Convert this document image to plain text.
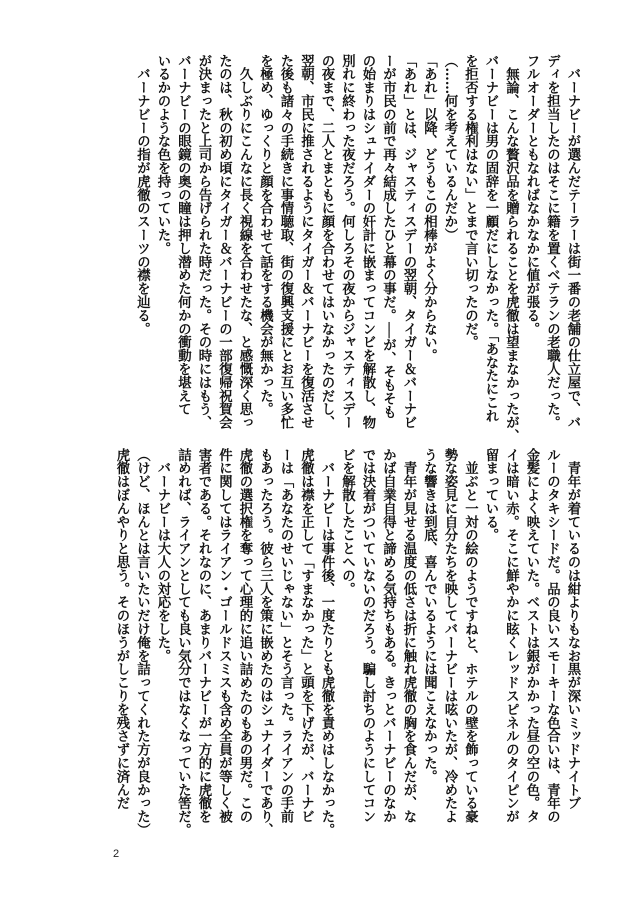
　バーナビーが選んだテーラーは街一番の老舗の仕立屋で、バ

ディを担当したのはそこに籍を置くベテランの老職人だった。

フルオーダーともなればなかなかに値が張る。

　無論、こんな贅沢品を贈られることを虎徹は望まなかったが、

バーナビーは男の固辞を一顧だにしなかった。「あなたにこれ

を拒否する権利はない」とまで言い切ったのだ。

（……何を考えているんだか）

「あれ」以降、どうもこの相棒がよく分からない。

「あれ」とは、ジャスティスデーの翌朝、タイガー＆バーナビ

ーが市民の前で再々結成したひと幕の事だ。──が、そもそも

の始まりはシュナイダーの奸計に嵌まってコンビを解散し、物

別れに終わった夜だろう。何しろその夜からジャスティスデー

の夜まで、二人とまともに顔を合わせてはいなかったのだし、

翌朝、市民に推されるようにタイガー＆バーナビーを復活させ

た後も諸々の手続きに事情聴取、街の復興支援にとお互い多忙

を極め、ゆっくりと顔を合わせて話をする機会が無かった。

　久しぶりにこんなに長く視線を合わせたな、と感慨深く思っ

たのは、秋の初め頃にタイガー＆バーナビーの一部復帰祝賀会

が決まったと上司から告げられた時だった。その時にはもう、

バーナビーの眼鏡の奥の瞳は押し潜めた何かの衝動を堪えて

いるかのような色を持っていた。

　バーナビーの指が虎徹のスーツの襟を辿る。

　青年が着ているのは紺よりもなお黒が深いミッドナイトブ

ルーのタキシードだ。品の良いスモーキーな色合いは、青年の

金髪によく映えていた。ベストは銀がかかった昼の空の色。タ

イは暗い赤。そこに鮮やかに眩くレッドスピネルのタイピンが

留まっている。

　並ぶと一対の絵のようですねと、ホテルの壁を飾っている豪

勢な姿見に自分たちを映してバーナビーは呟いたが、冷めたよ

うな響きは到底、喜んでいるようには聞こえなかった。

　青年が見せる温度の低さは折に触れ虎徹の胸を食んだが、な

かば自業自得と諦める気持ちもある。きっとバーナビーのなか

では決着がついていないのだろう。騙し討ちのようにしてコン

ビを解散したことへの。

　バーナビーは事件後、一度たりとも虎徹を責めはしなかった。

虎徹は襟を正して「すまなかった」と頭を下げたが、バーナビ

ーは「あなたのせいじゃない」とそう言った。ライアンの手前

もあったろう。彼ら三人を策に嵌めたのはシュナイダーであり、

虎徹の選択権を奪って心理的に追い詰めたのもあの男だ。この

件に関してはライアン・ゴールドスミスも含め全員が等しく被

害者である。それなのに、あまりバーナビーが一方的に虎徹を

詰めれば、ライアンとしても良い気分ではなくなっていた筈だ。

　バーナビーは大人の対応をした。

（けど、ほんとは言いたいだけ俺を詰ってくれた方が良かった）

虎徹はぼんやりと思う。そのほうがしこりを残さずに済んだ

2
